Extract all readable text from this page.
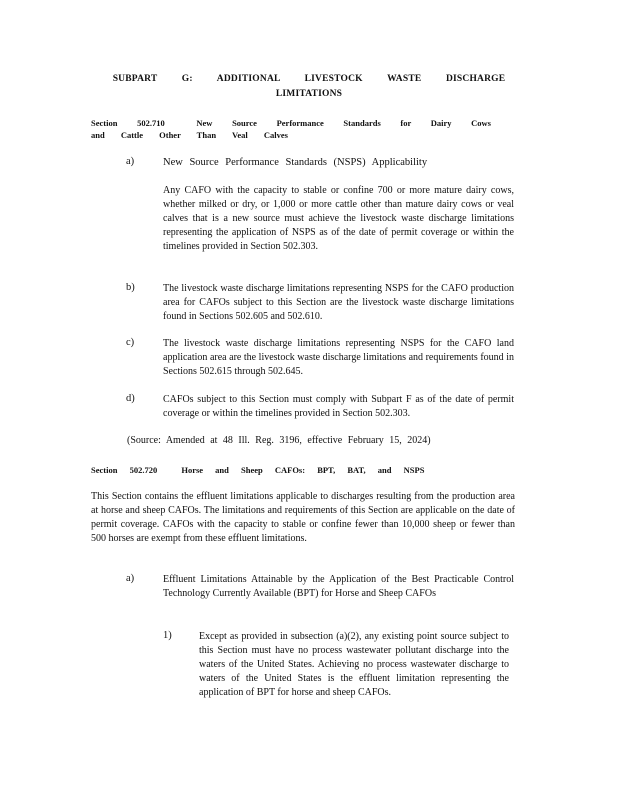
SUBPART G: ADDITIONAL LIVESTOCK WASTE DISCHARGE
LIMITATIONS
Section 502.710	New Source Performance Standards for Dairy Cows and Cattle Other Than Veal Calves
a)	New Source Performance Standards (NSPS) Applicability
Any CAFO with the capacity to stable or confine 700 or more mature dairy cows, whether milked or dry, or 1,000 or more cattle other than mature dairy cows or veal calves that is a new source must achieve the livestock waste discharge limitations representing the application of NSPS as of the date of permit coverage or within the timelines provided in Section 502.303.
b)	The livestock waste discharge limitations representing NSPS for the CAFO production area for CAFOs subject to this Section are the livestock waste discharge limitations found in Sections 502.605 and 502.610.
c)	The livestock waste discharge limitations representing NSPS for the CAFO land application area are the livestock waste discharge limitations and requirements found in Sections 502.615 through 502.645.
d)	CAFOs subject to this Section must comply with Subpart F as of the date of permit coverage or within the timelines provided in Section 502.303.
(Source: Amended at 48 Ill. Reg. 3196, effective February 15, 2024)
Section 502.720	Horse and Sheep CAFOs: BPT, BAT, and NSPS
This Section contains the effluent limitations applicable to discharges resulting from the production area at horse and sheep CAFOs. The limitations and requirements of this Section are applicable on the date of permit coverage. CAFOs with the capacity to stable or confine fewer than 10,000 sheep or fewer than 500 horses are exempt from these effluent limitations.
a)	Effluent Limitations Attainable by the Application of the Best Practicable Control Technology Currently Available (BPT) for Horse and Sheep CAFOs
1)	Except as provided in subsection (a)(2), any existing point source subject to this Section must have no process wastewater pollutant discharge into the waters of the United States. Achieving no process wastewater discharge to waters of the United States is the effluent limitation representing the application of BPT for horse and sheep CAFOs.
